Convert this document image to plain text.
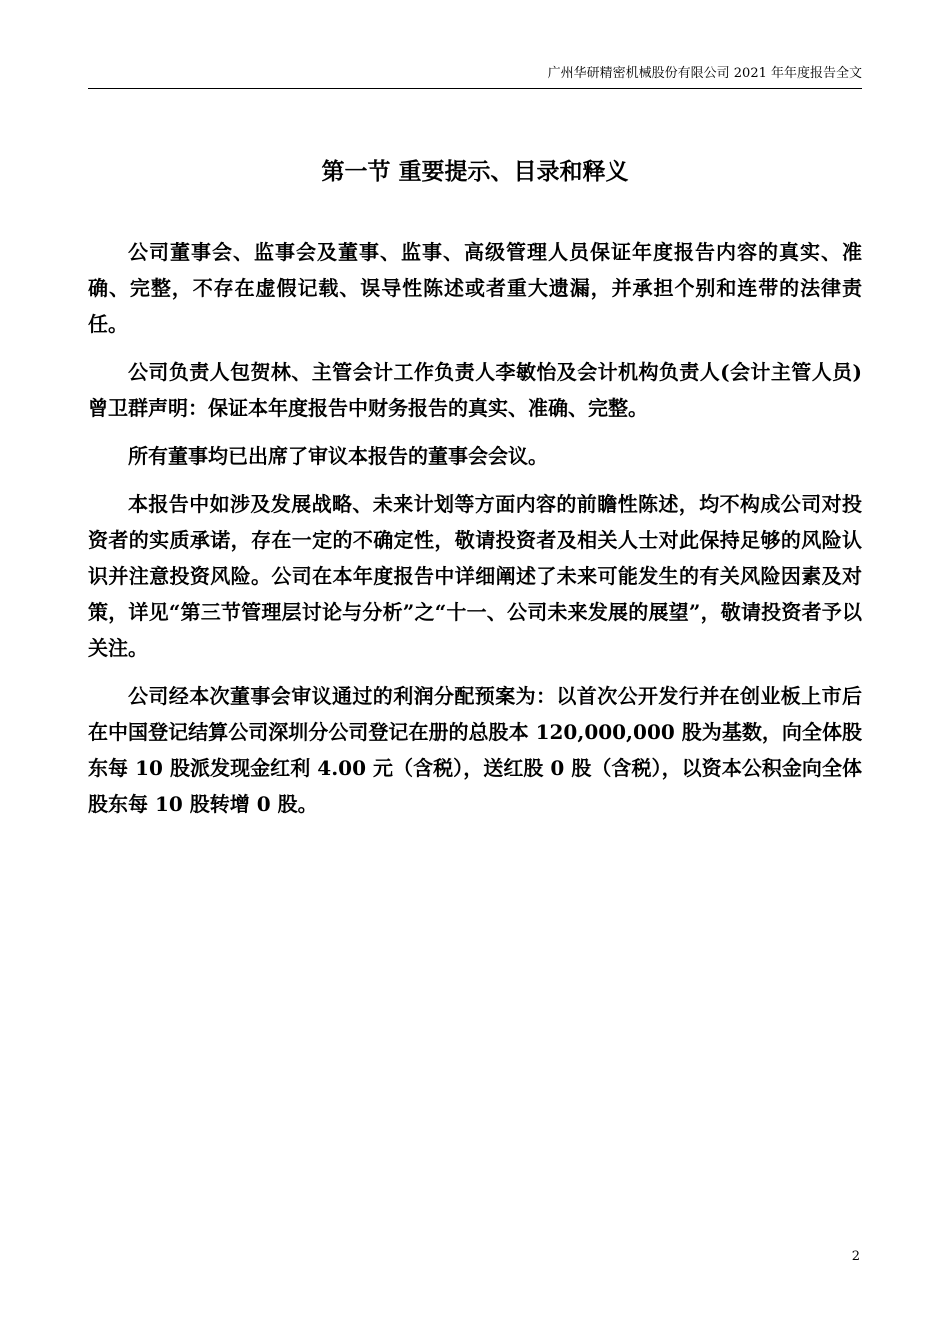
广州华研精密机械股份有限公司 2021 年年度报告全文
第一节 重要提示、目录和释义

公司董事会、监事会及董事、监事、高级管理人员保证年度报告内容的真实、准确、完整，不存在虚假记载、误导性陈述或者重大遗漏，并承担个别和连带的法律责任。

公司负责人包贺林、主管会计工作负责人李敏怡及会计机构负责人(会计主管人员)曾卫群声明：保证本年度报告中财务报告的真实、准确、完整。

所有董事均已出席了审议本报告的董事会会议。

本报告中如涉及发展战略、未来计划等方面内容的前瞻性陈述，均不构成公司对投资者的实质承诺，存在一定的不确定性，敬请投资者及相关人士对此保持足够的风险认识并注意投资风险。公司在本年度报告中详细阐述了未来可能发生的有关风险因素及对策，详见“第三节管理层讨论与分析”之“十一、公司未来发展的展望”，敬请投资者予以关注。

公司经本次董事会审议通过的利润分配预案为：以首次公开发行并在创业板上市后在中国登记结算公司深圳分公司登记在册的总股本 120,000,000 股为基数，向全体股东每 10 股派发现金红利 4.00 元（含税），送红股 0 股（含税），以资本公积金向全体股东每 10 股转增 0 股。

2
